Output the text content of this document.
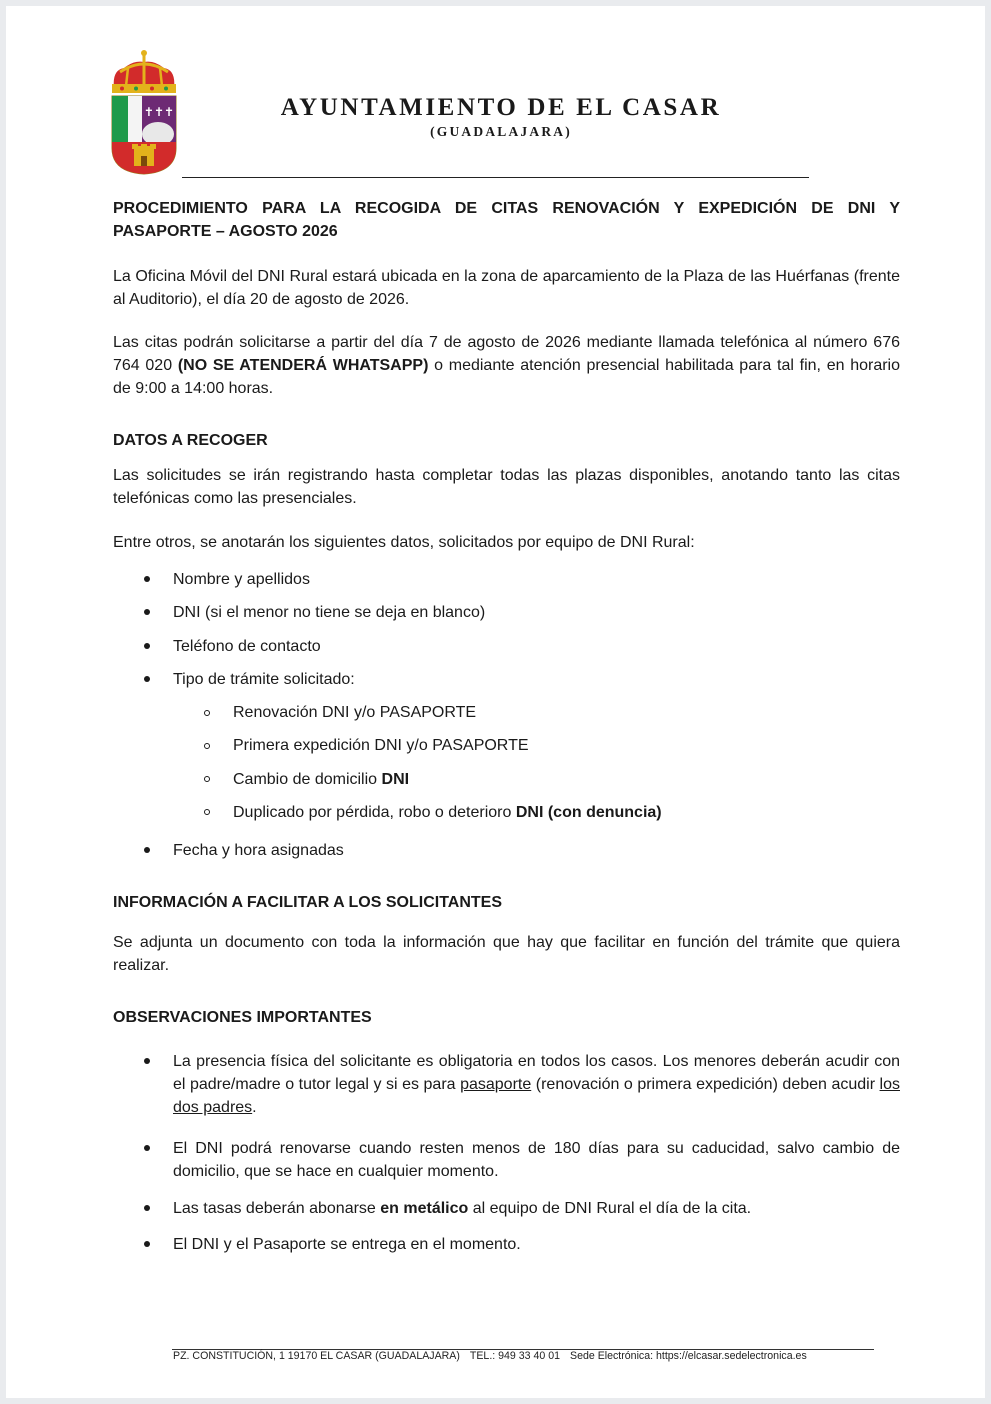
✝✝✝	AYUNTAMIENTO DE EL CASAR
(GUADALAJARA)
PROCEDIMIENTO PARA LA RECOGIDA DE CITAS RENOVACIÓN Y EXPEDICIÓN DE DNI Y
PASAPORTE – AGOSTO 2026
La Oficina Móvil del DNI Rural estará ubicada en la zona de aparcamiento de la Plaza de las Huérfanas (frente al Auditorio), el día 20 de agosto de 2026.
Las citas podrán solicitarse a partir del día 7 de agosto de 2026 mediante llamada telefónica al número 676 764 020 (NO SE ATENDERÁ WHATSAPP) o mediante atención presencial habilitada para tal fin, en horario de 9:00 a 14:00 horas.
DATOS A RECOGER
Las solicitudes se irán registrando hasta completar todas las plazas disponibles, anotando tanto las citas telefónicas como las presenciales.
Entre otros, se anotarán los siguientes datos, solicitados por equipo de DNI Rural:
Nombre y apellidos
DNI (si el menor no tiene se deja en blanco)
Teléfono de contacto
Tipo de trámite solicitado:
Renovación DNI y/o PASAPORTE
Primera expedición DNI y/o PASAPORTE
Cambio de domicilio DNI
Duplicado por pérdida, robo o deterioro DNI (con denuncia)
Fecha y hora asignadas
INFORMACIÓN A FACILITAR A LOS SOLICITANTES
Se adjunta un documento con toda la información que hay que facilitar en función del trámite que quiera realizar.
OBSERVACIONES IMPORTANTES
La presencia física del solicitante es obligatoria en todos los casos. Los menores deberán acudir con el padre/madre o tutor legal y si es para pasaporte (renovación o primera expedición) deben acudir los dos padres.
El DNI podrá renovarse cuando resten menos de 180 días para su caducidad, salvo cambio de domicilio, que se hace en cualquier momento.
Las tasas deberán abonarse en metálico al equipo de DNI Rural el día de la cita.
El DNI y el Pasaporte se entrega en el momento.
PZ. CONSTITUCIÓN, 1 19170 EL CASAR (GUADALAJARA) TEL.: 949 33 40 01 Sede Electrónica: https://elcasar.sedelectronica.es
